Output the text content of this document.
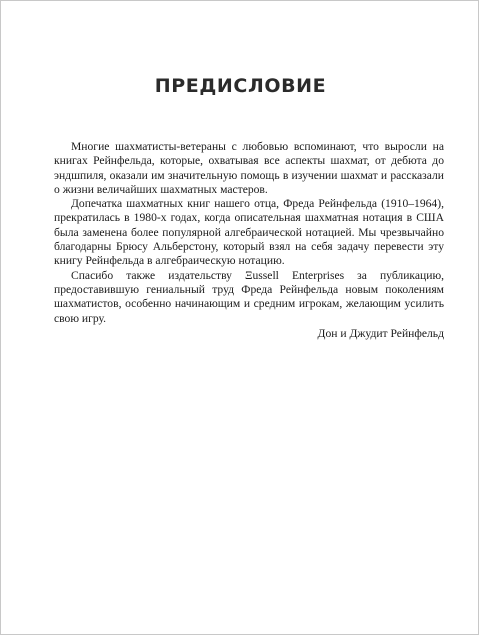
ПРЕДИСЛОВИЕ

Многие шахматисты-ветераны с любовью вспоминают, что выросли на книгах Рейнфельда, которые, охватывая все аспекты шахмат, от дебюта до эндшпиля, оказали им значительную помощь в изучении шахмат и рассказали о жизни величайших шахматных мастеров.

Допечатка шахматных книг нашего отца, Фреда Рейнфельда (1910–1964), прекратилась в 1980-х годах, когда описательная шахматная нотация в США была заменена более популярной алгебраической нотацией. Мы чрезвычайно благодарны Брюсу Альберстону, который взял на себя задачу перевести эту книгу Рейнфельда в алгебраическую нотацию.

Спасибо также издательству Ξussell Enterprises за публикацию, предоставившую гениальный труд Фреда Рейнфельда новым поколениям шахматистов, особенно начинающим и средним игрокам, желающим усилить свою игру.

Дон и Джудит Рейнфельд
